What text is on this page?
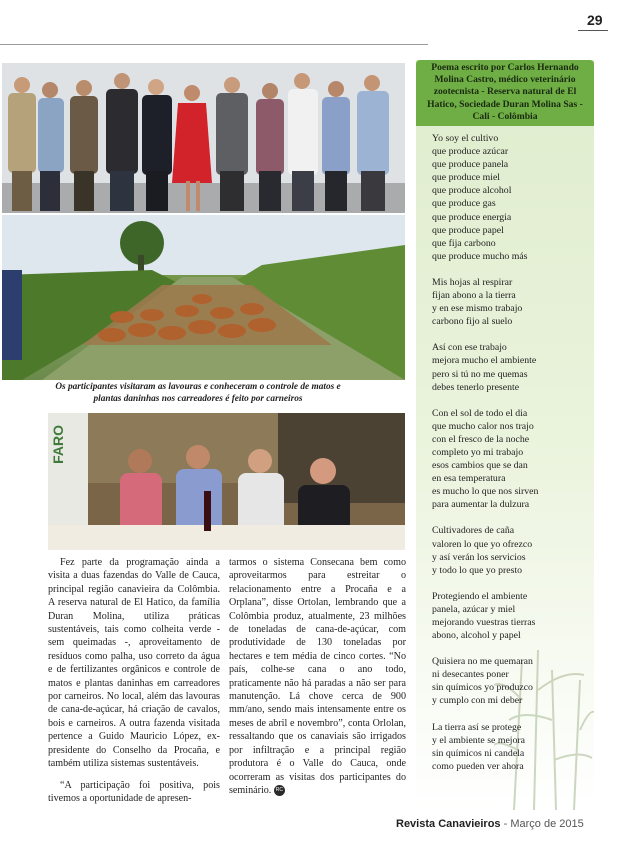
29
Os participantes visitaram as lavouras e conheceram o controle de matos e plantas daninhas nos carreadores é feito por carneiros
FARO

Fez parte da programação ainda a visita a duas fazendas do Valle de Cauca, principal região canavieira da Colômbia. A reserva natural de El Hatico, da família Duran Molina, utiliza práticas sustentáveis, tais como colheita verde - sem queimadas -, aproveitamento de resíduos como palha, uso correto da água e de fertilizantes orgânicos e controle de matos e plantas daninhas em carreadores por carneiros. No local, além das lavouras de cana-de-açúcar, há criação de cavalos, bois e carneiros. A outra fazenda visitada pertence a Guido Mauricio López, ex-presidente do Conselho da Procaña, e também utiliza sistemas sustentáveis.

“A participação foi positiva, pois tivemos a oportunidade de apresen-

tarmos o sistema Consecana bem como aproveitarmos para estreitar o relacionamento entre a Procaña e a Orplana”, disse Ortolan, lembrando que a Colômbia produz, atualmente, 23 milhões de toneladas de cana-de-açúcar, com produtividade de 130 toneladas por hectares e tem média de cinco cortes. “No país, colhe-se cana o ano todo, praticamente não há paradas a não ser para manutenção. Lá chove cerca de 900 mm/ano, sendo mais intensamente entre os meses de abril e novembro”, conta Orlolan, ressaltando que os canaviais são irrigados por infiltração e a principal região produtora é o Valle do Cauca, onde ocorreram as visitas dos participantes do seminário. RC
Poema escrito por Carlos Hernando Molina Castro, médico veterinário zootecnista - Reserva natural de El Hatico, Sociedade Duran Molina Sas - Cali - Colômbia
Yo soy el cultivo
que produce azúcar
que produce panela
que produce miel
que produce alcohol
que produce gas
que produce energia
que produce papel
que fija carbono
que produce mucho más
Mis hojas al respirar
fijan abono a la tierra
y en ese mismo trabajo
carbono fijo al suelo
Así con ese trabajo
mejora mucho el ambiente
pero si tú no me quemas
debes tenerlo presente
Con el sol de todo el dia
que mucho calor nos trajo
con el fresco de la noche
completo yo mi trabajo
esos cambios que se dan
en esa temperatura
es mucho lo que nos sirven
para aumentar la dulzura
Cultivadores de caña
valoren lo que yo ofrezco
y así verán los servicios
y todo lo que yo presto
Protegiendo el ambiente
panela, azúcar y miel
mejorando vuestras tierras
abono, alcohol y papel
Quisiera no me quemaran
ni desecantes poner
sin químicos yo produzco
y cumplo con mi deber
La tierra así se protege
y el ambiente se mejora
sin químicos ni candela
como pueden ver ahora
Revista Canavieiros - Março de 2015
